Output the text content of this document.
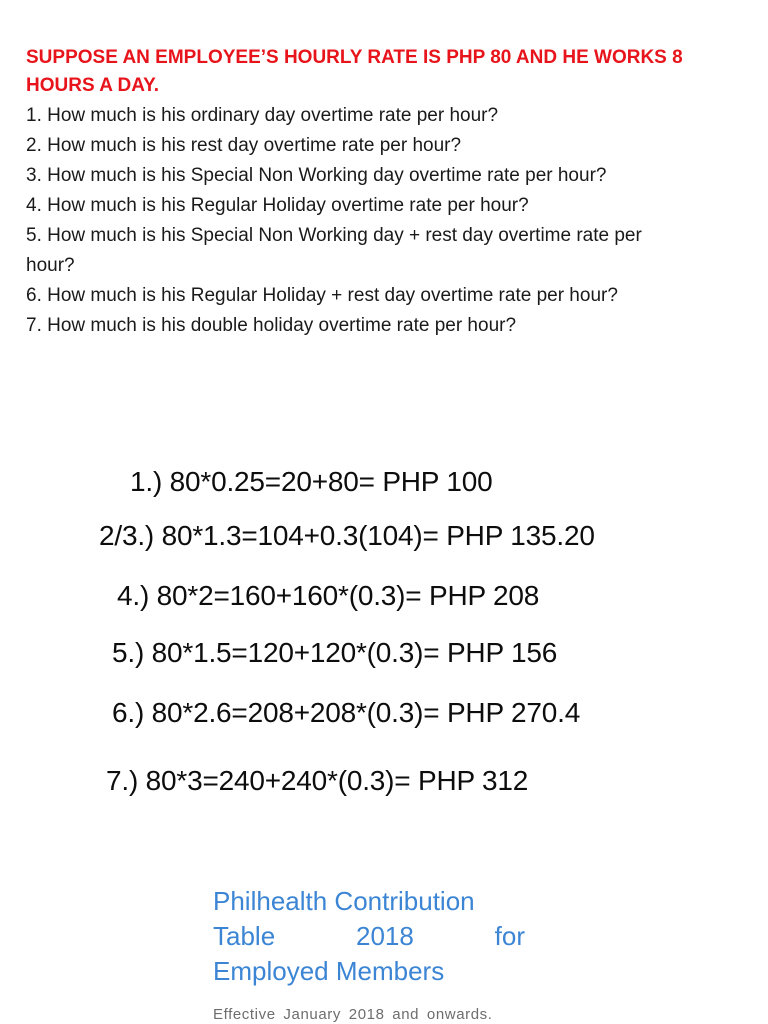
SUPPOSE AN EMPLOYEE’S HOURLY RATE IS PHP 80 AND HE WORKS 8
HOURS A DAY.
1. How much is his ordinary day overtime rate per hour?
2. How much is his rest day overtime rate per hour?
3. How much is his Special Non Working day overtime rate per hour?
4. How much is his Regular Holiday overtime rate per hour?
5. How much is his Special Non Working day + rest day overtime rate per
hour?
6. How much is his Regular Holiday + rest day overtime rate per hour?
7. How much is his double holiday overtime rate per hour?
1.) 80*0.25=20+80= PHP 100
2/3.) 80*1.3=104+0.3(104)= PHP 135.20
4.) 80*2=160+160*(0.3)= PHP 208
5.) 80*1.5=120+120*(0.3)= PHP 156
6.) 80*2.6=208+208*(0.3)= PHP 270.4
7.) 80*3=240+240*(0.3)= PHP 312
Philhealth Contribution
Table	2018	for
Employed Members
Effective January 2018 and onwards.
